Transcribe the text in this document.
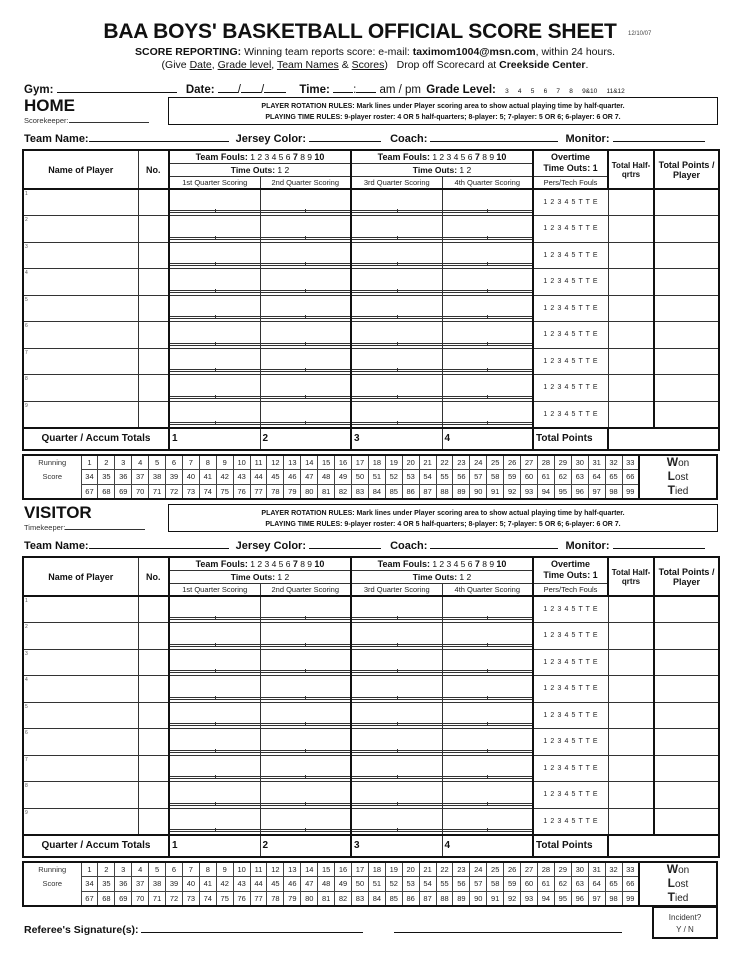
BAA BOYS' BASKETBALL OFFICIAL SCORE SHEET	12/10/07
SCORE REPORTING: Winning team reports score: e-mail: taximom1004@msn.com, within 24 hours.
(Give Date, Grade level, Team Names & Scores) Drop off Scorecard at Creekside Center.
Gym:	Date: / /	Time: : am / pm Grade Level: 3 4 5 6 7 8 9&10 11&12
HOME
Scorekeeper:
PLAYER ROTATION RULES: Mark lines under Player scoring area to show actual playing time by half-quarter.
PLAYING TIME RULES: 9-player roster: 4 OR 5 half-quarters; 8-player: 5; 7-player: 5 OR 6; 6-player: 6 OR 7.
Team Name:	Jersey Color:	Coach:	Monitor:
Name of Player	No.	Team Fouls: 1 2 3 4 5 6 7 8 9 10		Team Fouls: 1 2 3 4 5 6 7 8 9 10		Overtime
Time Outs: 1	Total Half-qrtrs	Total Points / Player
		Time Outs: 1 2		Time Outs: 1 2				
		1st Quarter Scoring	2nd Quarter Scoring	3rd Quarter Scoring	4th Quarter Scoring	Pers/Tech Fouls		

1						1 2 3 4 5 T T E		

2						1 2 3 4 5 T T E		

3						1 2 3 4 5 T T E		

4						1 2 3 4 5 T T E		

5						1 2 3 4 5 T T E		

6						1 2 3 4 5 T T E		

7						1 2 3 4 5 T T E		

8						1 2 3 4 5 T T E		

9						1 2 3 4 5 T T E		
Quarter / Accum Totals		1	2	3	4	Total Points		
Running	1	2	3	4	5	6	7	8	9	10	11	12	13	14	15	16	17	18	19	20	21	22	23	24	25	26	27	28	29	30	31	32	33	Won
Lost
Tied

Score	34	35	36	37	38	39	40	41	42	43	44	45	46	47	48	49	50	51	52	53	54	55	56	57	58	59	60	61	62	63	64	65	66	
	67	68	69	70	71	72	73	74	75	76	77	78	79	80	81	82	83	84	85	86	87	88	89	90	91	92	93	94	95	96	97	98	99	
VISITOR
Timekeeper:
PLAYER ROTATION RULES: Mark lines under Player scoring area to show actual playing time by half-quarter.
PLAYING TIME RULES: 9-player roster: 4 OR 5 half-quarters; 8-player: 5; 7-player: 5 OR 6; 6-player: 6 OR 7.
Team Name:	Jersey Color:	Coach:	Monitor:
Name of Player	No.	Team Fouls: 1 2 3 4 5 6 7 8 9 10		Team Fouls: 1 2 3 4 5 6 7 8 9 10		Overtime
Time Outs: 1	Total Half-qrtrs	Total Points / Player
		Time Outs: 1 2		Time Outs: 1 2				
		1st Quarter Scoring	2nd Quarter Scoring	3rd Quarter Scoring	4th Quarter Scoring	Pers/Tech Fouls		

1						1 2 3 4 5 T T E		

2						1 2 3 4 5 T T E		

3						1 2 3 4 5 T T E		

4						1 2 3 4 5 T T E		

5						1 2 3 4 5 T T E		

6						1 2 3 4 5 T T E		

7						1 2 3 4 5 T T E		

8						1 2 3 4 5 T T E		

9						1 2 3 4 5 T T E		
Quarter / Accum Totals		1	2	3	4	Total Points		
Running	1	2	3	4	5	6	7	8	9	10	11	12	13	14	15	16	17	18	19	20	21	22	23	24	25	26	27	28	29	30	31	32	33	Won
Lost
Tied

Score	34	35	36	37	38	39	40	41	42	43	44	45	46	47	48	49	50	51	52	53	54	55	56	57	58	59	60	61	62	63	64	65	66	
	67	68	69	70	71	72	73	74	75	76	77	78	79	80	81	82	83	84	85	86	87	88	89	90	91	92	93	94	95	96	97	98	99	
Referee's Signature(s):
Incident?
Y / N
